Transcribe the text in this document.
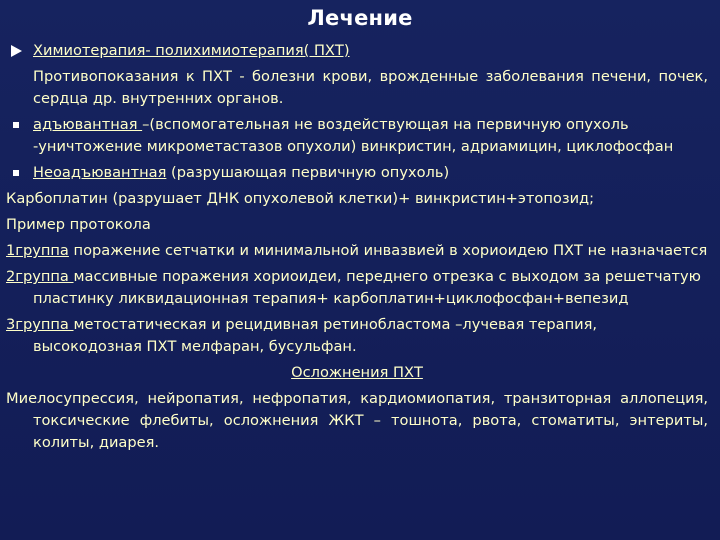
Лечение
Химиотерапия- полихимиотерапия( ПХТ)
Противопоказания к ПХТ - болезни крови, врожденные заболевания печени, почек, сердца др. внутренних органов.
адъювантная –(вспомогательная не воздействующая на первичную опухоль -уничтожение микрометастазов опухоли) винкристин, адриамицин, циклофосфан
Неоадъювантная (разрушающая первичную опухоль)
Карбоплатин (разрушает ДНК опухолевой клетки)+ винкристин+этопозид;
Пример протокола
1группа поражение сетчатки и минимальной инвазвией в хориоидею ПХТ не назначается
2группа массивные поражения хориоидеи, переднего отрезка с выходом за решетчатую пластинку ликвидационная терапия+ карбоплатин+циклофосфан+вепезид
3группа метостатическая и рецидивная ретинобластома –лучевая терапия, высокодозная ПХТ мелфаран, бусульфан.
Осложнения ПХТ
Миелосупрессия, нейропатия, нефропатия, кардиомиопатия, транзиторная аллопеция, токсические флебиты, осложнения ЖКТ – тошнота, рвота, стоматиты, энтериты, колиты, диарея.
